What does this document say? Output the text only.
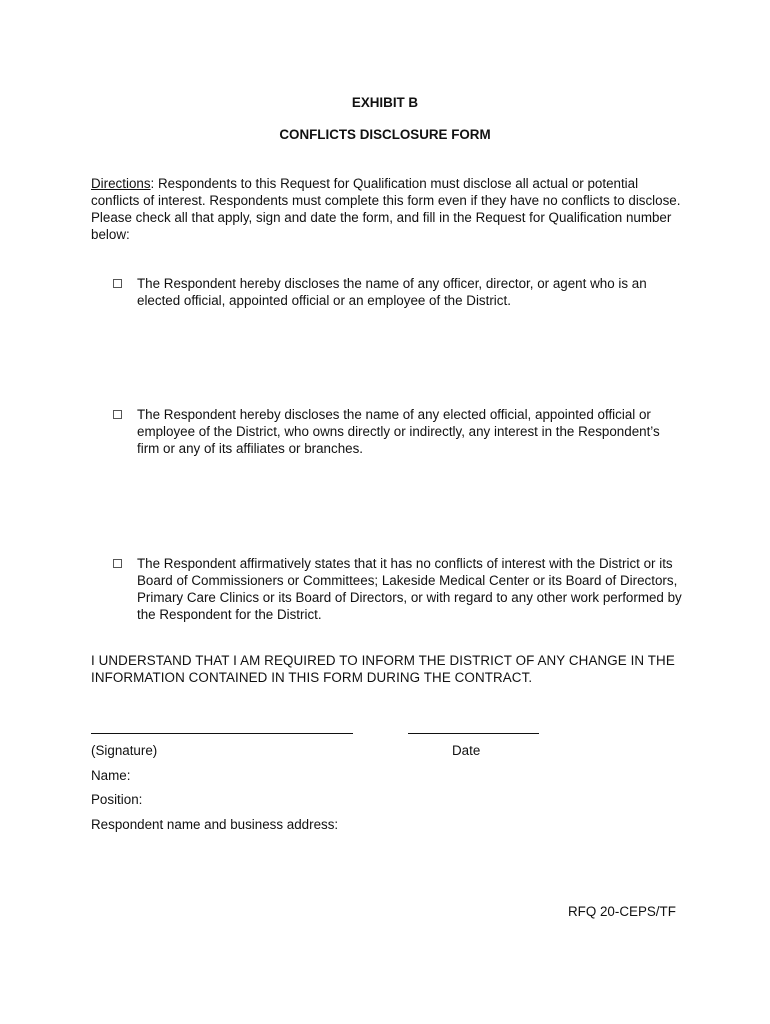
EXHIBIT B
CONFLICTS DISCLOSURE FORM
Directions: Respondents to this Request for Qualification must disclose all actual or potential conflicts of interest. Respondents must complete this form even if they have no conflicts to disclose. Please check all that apply, sign and date the form, and fill in the Request for Qualification number below:
The Respondent hereby discloses the name of any officer, director, or agent who is an elected official, appointed official or an employee of the District.
The Respondent hereby discloses the name of any elected official, appointed official or employee of the District, who owns directly or indirectly, any interest in the Respondent’s firm or any of its affiliates or branches.
The Respondent affirmatively states that it has no conflicts of interest with the District or its Board of Commissioners or Committees; Lakeside Medical Center or its Board of Directors, Primary Care Clinics or its Board of Directors, or with regard to any other work performed by the Respondent for the District.
I UNDERSTAND THAT I AM REQUIRED TO INFORM THE DISTRICT OF ANY CHANGE IN THE INFORMATION CONTAINED IN THIS FORM DURING THE CONTRACT.
(Signature)	Date
Name:
Position:
Respondent name and business address:
RFQ 20-CEPS/TF
